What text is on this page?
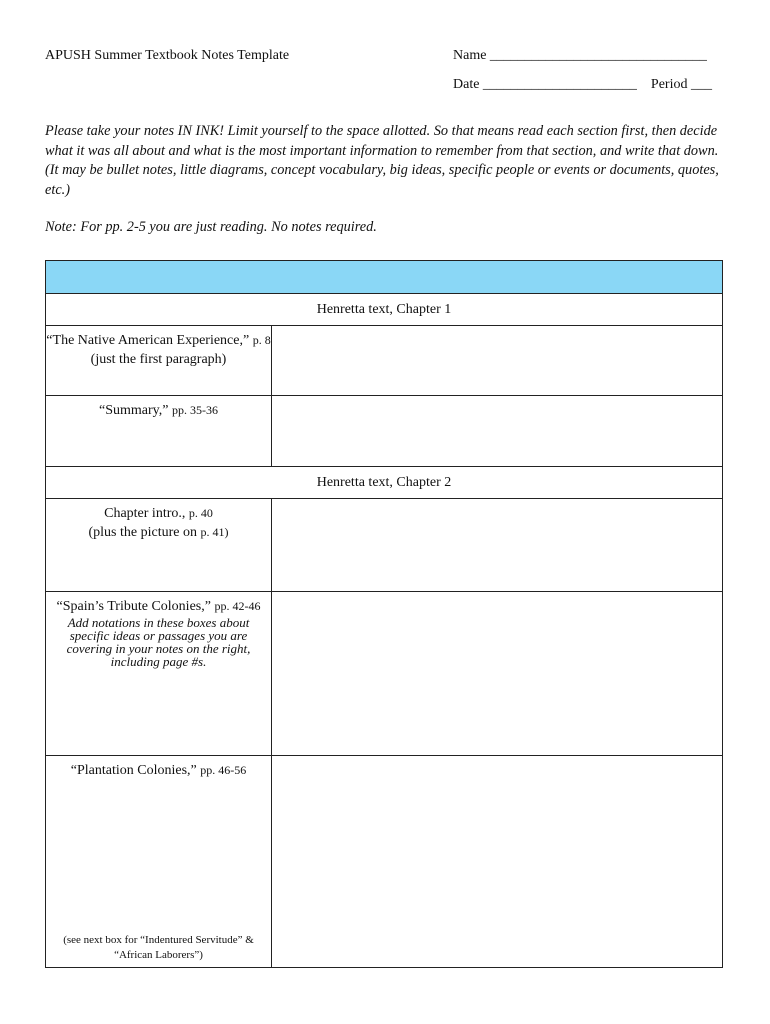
APUSH Summer Textbook Notes Template	Name _______________________________
Date ______________________    Period ___
Please take your notes IN INK! Limit yourself to the space allotted. So that means read each section first, then decide what it was all about and what is the most important information to remember from that section, and write that down. (It may be bullet notes, little diagrams, concept vocabulary, big ideas, specific people or events or documents, quotes, etc.)
Note: For pp. 2-5 you are just reading. No notes required.

Henretta text, Chapter 1	

“The Native American Experience,” p. 8
(just the first paragraph)	

“Summary,” pp. 35-36	
Henretta text, Chapter 2	

Chapter intro., p. 40
(plus the picture on p. 41)	

“Spain’s Tribute Colonies,” pp. 42-46
Add notations in these boxes about specific ideas or passages you are covering in your notes on the right, including page #s.	

“Plantation Colonies,” pp. 46-56
(see next box for “Indentured Servitude” & “African Laborers”)	
